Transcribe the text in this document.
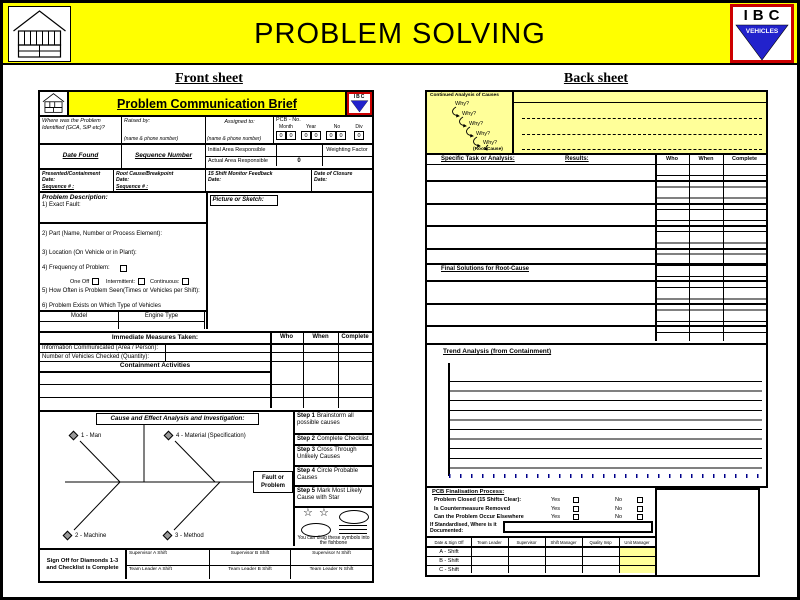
PROBLEM SOLVING
IBC
VEHICLES
Front sheet	Back sheet
Problem Communication Brief	IBC
Where was the Problem Identified (GCA, SiP etc)?
Raised by:
(name & phone number)
Assigned to:
(name & phone number)
PCB - No.
Month	Year	No	Div
0	0	0	0	0	0	0
Date Found	Sequence Number
Initial Area Responsible
Actual Area Responsible
Weighting Factor
0
Presented/Containment
Date:
Sequence # :
Root Cause/Breakpoint
Date:
Sequence # :
15 Shift Monitor Feedback
Date:
Date of Closure
Date:
Problem Description:
1) Exact Fault:
2) Part (Name, Number or Process Element):
3) Location (On Vehicle or in Plant):
4) Frequency of Problem:
One Off	Intermittent:	Continuous:
5) How Often is Problem Seen(Times or Vehicles per Shift):
6) Problem Exists on Which Type of Vehicles
Model	Engine Type
Picture or Sketch:
Immediate Measures Taken:	Who	When	Complete
Information Communicated (Area / Person):
Number of Vehicles Checked (Quantity):
Containment Activities
Cause and Effect Analysis and Investigation:
1 - Man	4 - Material (Specification)
2 - Machine	3 - Method
Fault or
Problem
Step 1 Brainstorm all possible causes
Step 2 Complete Checklist
Step 3 Cross Through Unlikely Causes
Step 4 Circle Probable Causes
Step 5 Mark Most Likely Cause with Star
☆ ☆
You can drag these symbols into the fishbone
Sign Off for Diamonds 1-3
and Checklist is Complete
Supervisor A Shift	Supervisor B Shift	Supervisor N Shift
Team Leader A Shift	Team Leader B Shift	Team Leader N Shift
Continued Analysis of Causes
Why?
Why?
Why?
Why?
Why?
(Root Cause)
Specific Task or Analysis:	Results:	Who	When	Complete
Final Solutions for Root-Cause
Trend Analysis (from Containment)
PCB Finalisation Process:
Problem Closed (15 Shifts Clear):	Yes	No
Is Countermeasure Removed	Yes	No
Can the Problem Occur Elsewhere	Yes	No
If Standardised, Where is it
Documented:
Date & Sign Off	Team Leader	Supervisor	Shift Manager	Quality Insp	Unit Manager
A - Shift
B - Shift
C - Shift
